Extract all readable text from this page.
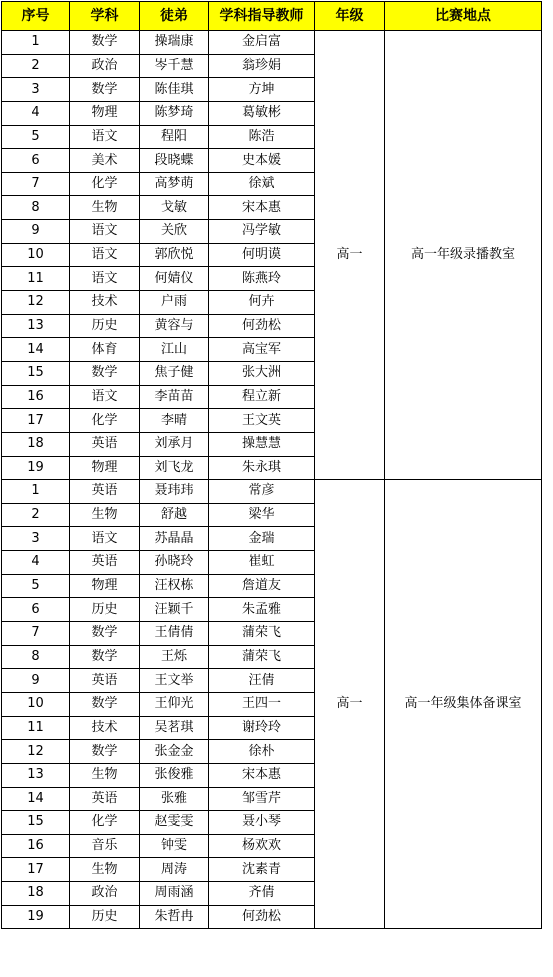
序号	学科	徒弟	学科指导教师	年级	比赛地点
1	数学	操瑞康	金启富	高一	高一年级录播教室
2	政治	岑千慧	翁珍娟		
3	数学	陈佳琪	方坤		
4	物理	陈梦琦	葛敏彬		
5	语文	程阳	陈浩		
6	美术	段晓蝶	史本媛		
7	化学	高梦萌	徐斌		
8	生物	戈敏	宋本惠		
9	语文	关欣	冯学敏		
10	语文	郭欣悦	何明谟		
11	语文	何婧仪	陈燕玲		
12	技术	户雨	何卉		
13	历史	黄容与	何劲松		
14	体育	江山	高宝军		
15	数学	焦子健	张大洲		
16	语文	李苗苗	程立新		
17	化学	李晴	王文英		
18	英语	刘承月	操慧慧		
19	物理	刘飞龙	朱永琪		
1	英语	聂玮玮	常彦	高一	高一年级集体备课室
2	生物	舒越	梁华		
3	语文	苏晶晶	金瑞		
4	英语	孙晓玲	崔虹		
5	物理	汪权栋	詹道友		
6	历史	汪颖千	朱孟雅		
7	数学	王倩倩	蒲荣飞		
8	数学	王烁	蒲荣飞		
9	英语	王文举	汪倩		
10	数学	王仰光	王四一		
11	技术	吴茗琪	谢玲玲		
12	数学	张金金	徐朴		
13	生物	张俊雅	宋本惠		
14	英语	张雅	邹雪芹		
15	化学	赵雯雯	聂小琴		
16	音乐	钟雯	杨欢欢		
17	生物	周涛	沈素青		
18	政治	周雨涵	齐倩		
19	历史	朱哲冉	何劲松		
